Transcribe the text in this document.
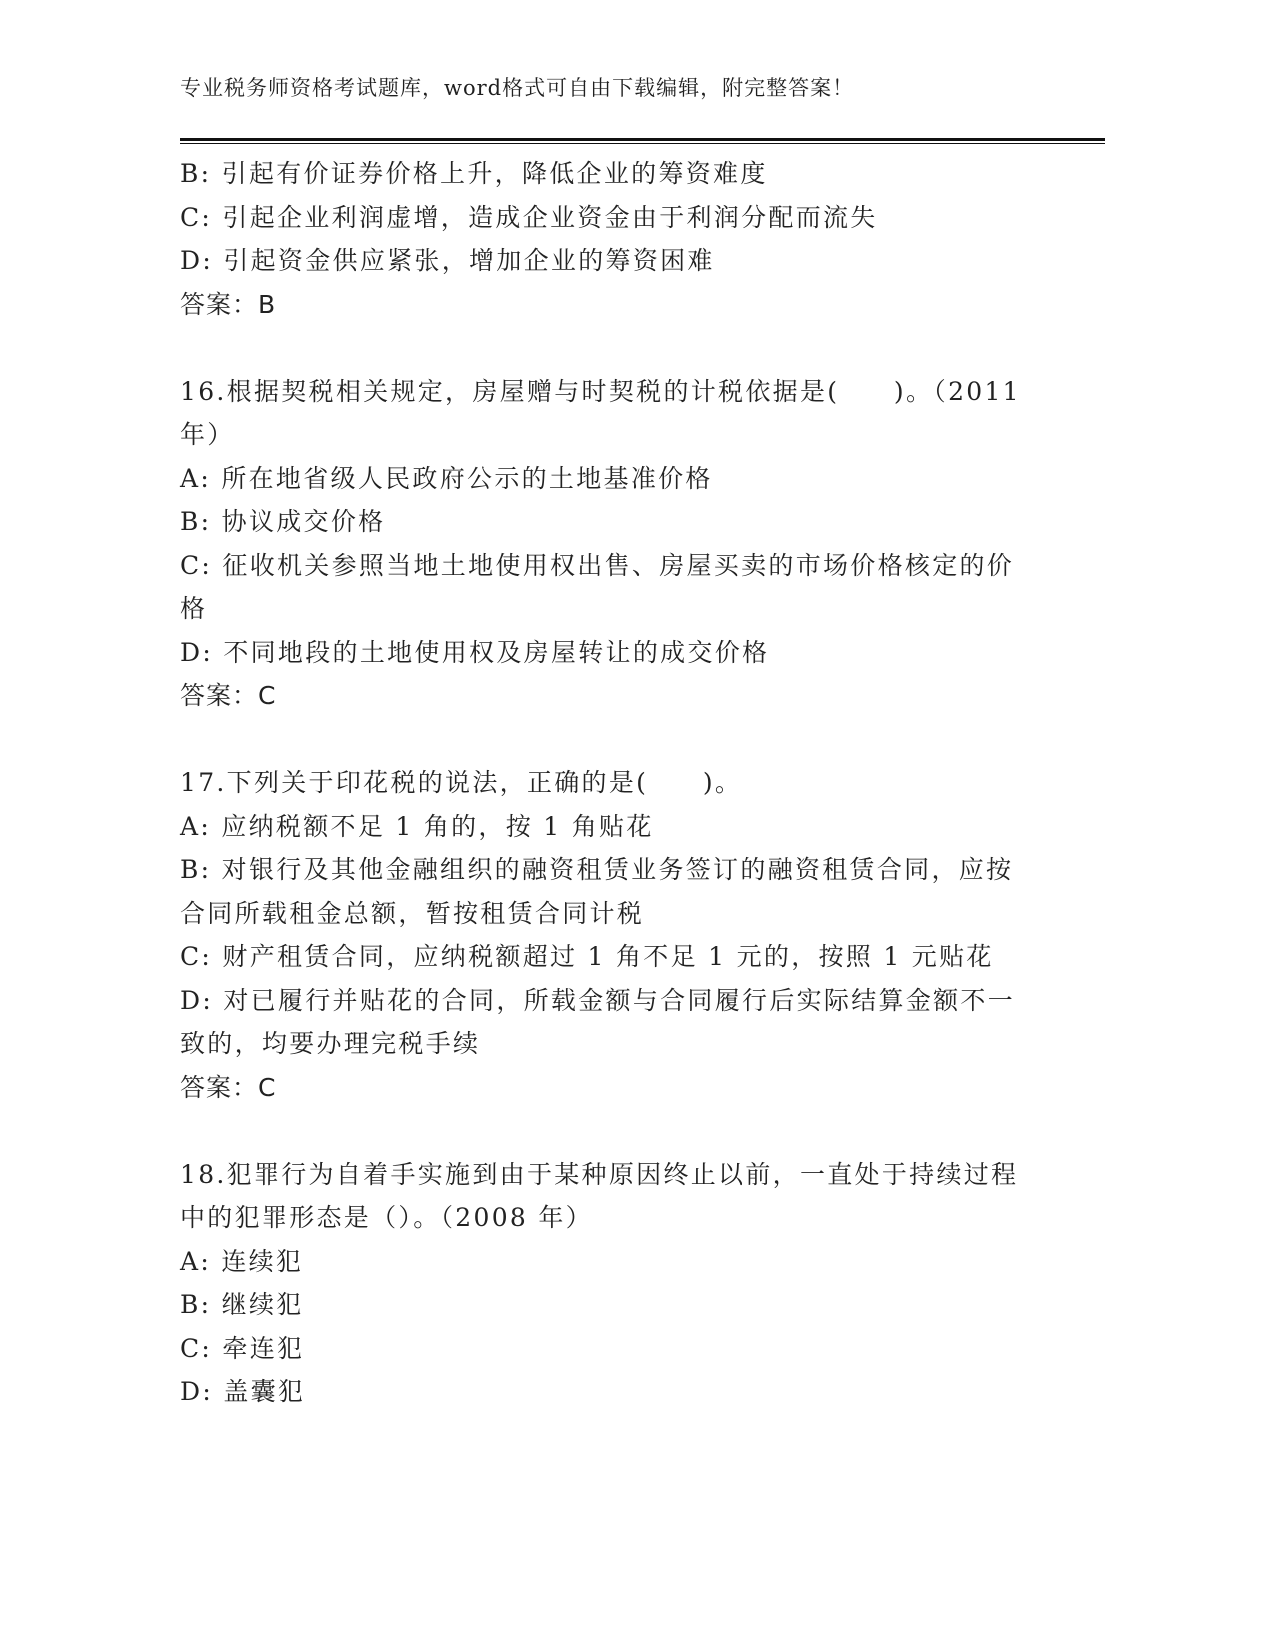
专业税务师资格考试题库，word格式可自由下载编辑，附完整答案！
B: 引起有价证券价格上升，降低企业的筹资难度
C: 引起企业利润虚增，造成企业资金由于利润分配而流失
D: 引起资金供应紧张，增加企业的筹资困难
答案：B
16.根据契税相关规定，房屋赠与时契税的计税依据是(　　)。（2011
年）
A: 所在地省级人民政府公示的土地基准价格
B: 协议成交价格
C: 征收机关参照当地土地使用权出售、房屋买卖的市场价格核定的价
格
D: 不同地段的土地使用权及房屋转让的成交价格
答案：C
17.下列关于印花税的说法，正确的是(　　)。
A: 应纳税额不足 1 角的，按 1 角贴花
B: 对银行及其他金融组织的融资租赁业务签订的融资租赁合同，应按
合同所载租金总额，暂按租赁合同计税
C: 财产租赁合同，应纳税额超过 1 角不足 1 元的，按照 1 元贴花
D: 对已履行并贴花的合同，所载金额与合同履行后实际结算金额不一
致的，均要办理完税手续
答案：C
18.犯罪行为自着手实施到由于某种原因终止以前，一直处于持续过程
中的犯罪形态是（）。（2008 年）
A: 连续犯
B: 继续犯
C: 牵连犯
D: 盖囊犯
